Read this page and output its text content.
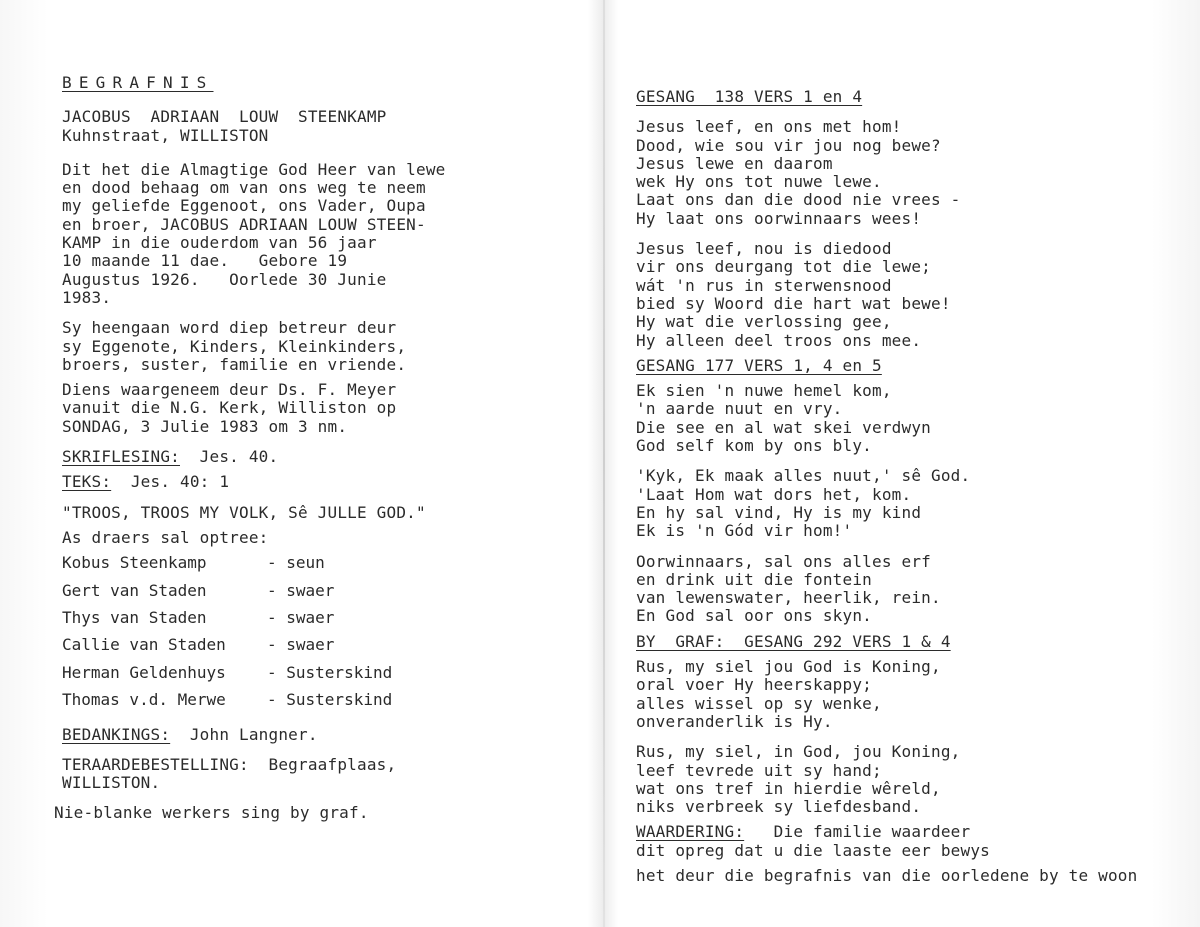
BEGRAFNIS
JACOBUS  ADRIAAN  LOUW  STEENKAMP
Kuhnstraat, WILLISTON
Dit het die Almagtige God Heer van lewe
en dood behaag om van ons weg te neem
my geliefde Eggenoot, ons Vader, Oupa
en broer, JACOBUS ADRIAAN LOUW STEEN-
KAMP in die ouderdom van 56 jaar
10 maande 11 dae.   Gebore 19
Augustus 1926.   Oorlede 30 Junie
1983.
Sy heengaan word diep betreur deur
sy Eggenote, Kinders, Kleinkinders,
broers, suster, familie en vriende.
Diens waargeneem deur Ds. F. Meyer
vanuit die N.G. Kerk, Williston op
SONDAG, 3 Julie 1983 om 3 nm.
SKRIFLESING:  Jes. 40.
TEKS:  Jes. 40: 1
"TROOS, TROOS MY VOLK, Sê JULLE GOD."
As draers sal optree:
Kobus Steenkamp	- seun
Gert van Staden	- swaer
Thys van Staden	- swaer
Callie van Staden	- swaer
Herman Geldenhuys	- Susterskind
Thomas v.d. Merwe	- Susterskind
BEDANKINGS:  John Langner.
TERAARDEBESTELLING:  Begraafplaas,
WILLISTON.
Nie-blanke werkers sing by graf.
GESANG  138 VERS 1 en 4
Jesus leef, en ons met hom!
Dood, wie sou vir jou nog bewe?
Jesus lewe en daarom
wek Hy ons tot nuwe lewe.
Laat ons dan die dood nie vrees -
Hy laat ons oorwinnaars wees!
Jesus leef, nou is diedood
vir ons deurgang tot die lewe;
wát 'n rus in sterwensnood
bied sy Woord die hart wat bewe!
Hy wat die verlossing gee,
Hy alleen deel troos ons mee.
GESANG 177 VERS 1, 4 en 5
Ek sien 'n nuwe hemel kom,
'n aarde nuut en vry.
Die see en al wat skei verdwyn
God self kom by ons bly.
'Kyk, Ek maak alles nuut,' sê God.
'Laat Hom wat dors het, kom.
En hy sal vind, Hy is my kind
Ek is 'n Gód vir hom!'
Oorwinnaars, sal ons alles erf
en drink uit die fontein
van lewenswater, heerlik, rein.
En God sal oor ons skyn.
BY  GRAF:  GESANG 292 VERS 1 & 4
Rus, my siel jou God is Koning,
oral voer Hy heerskappy;
alles wissel op sy wenke,
onveranderlik is Hy.
Rus, my siel, in God, jou Koning,
leef tevrede uit sy hand;
wat ons tref in hierdie wêreld,
niks verbreek sy liefdesband.
WAARDERING:   Die familie waardeer
dit opreg dat u die laaste eer bewys
het deur die begrafnis van die oorledene by te woon
